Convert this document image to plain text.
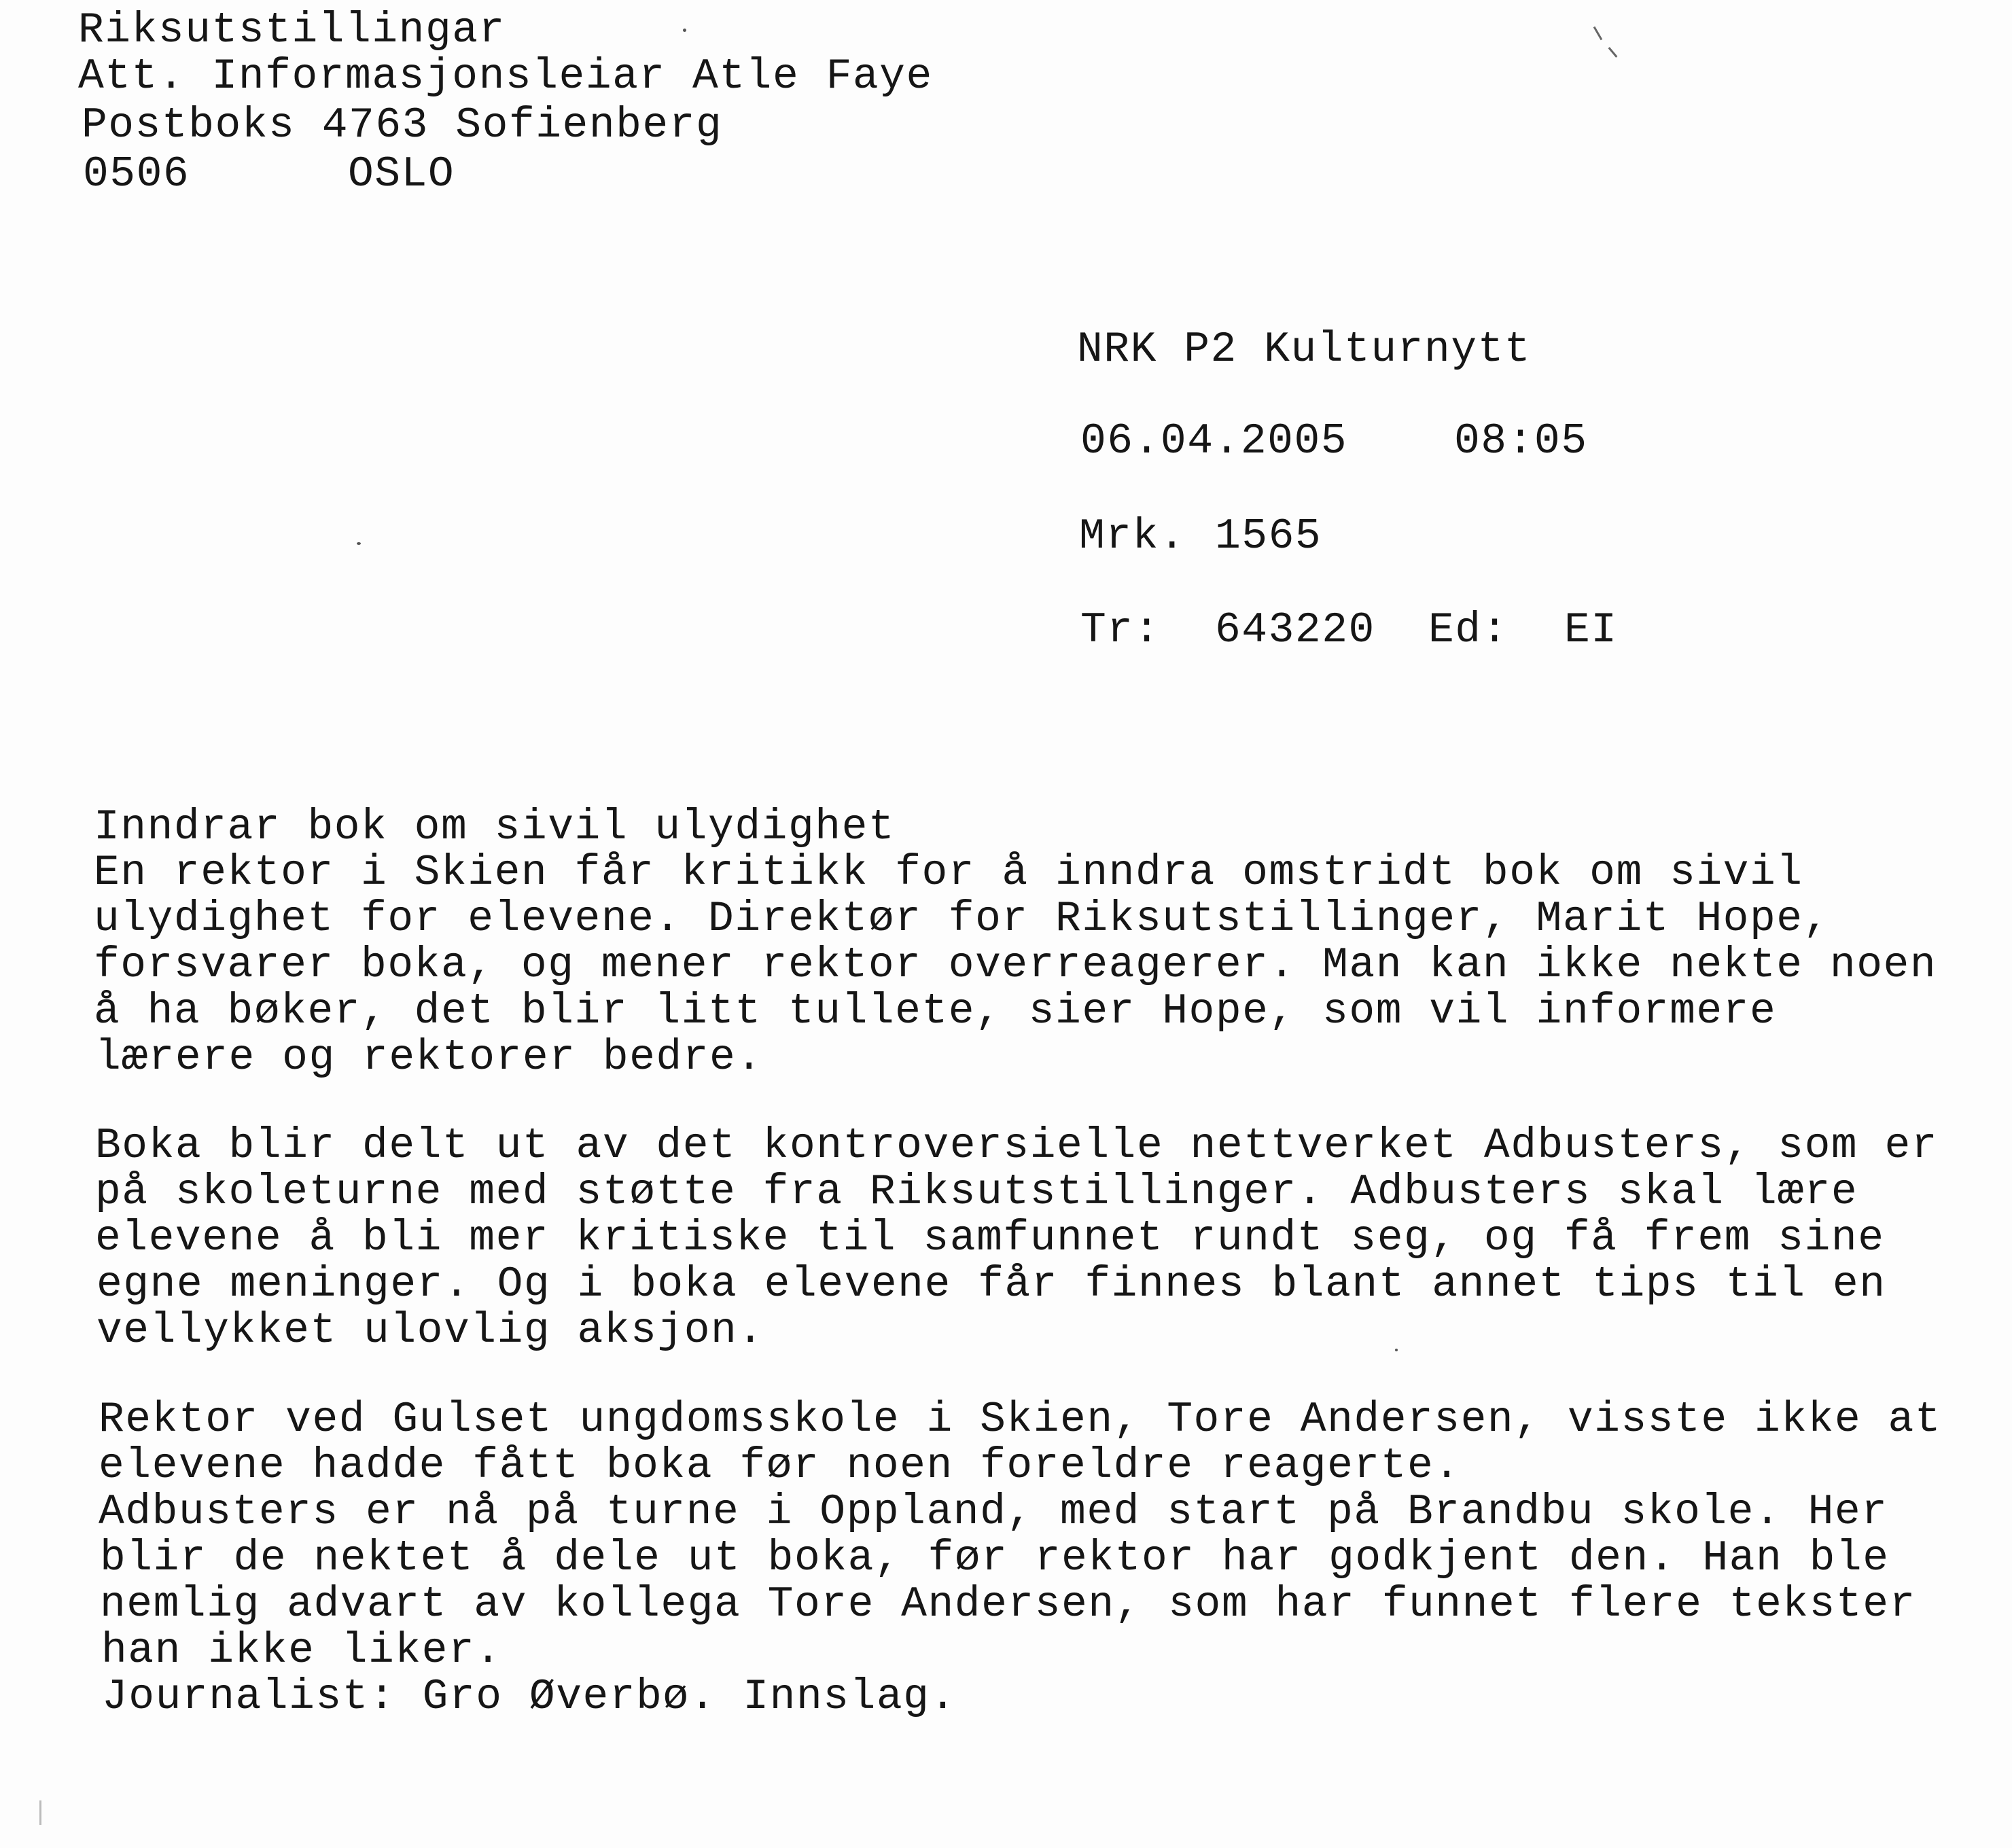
Riksutstillingar
Att. Informasjonsleiar Atle Faye
Postboks 4763 Sofienberg
0506	OSLO
NRK P2 Kulturnytt
06.04.2005 08:05
Mrk. 1565
Tr: 643220 Ed: EI
Inndrar bok om sivil ulydighet
En rektor i Skien får kritikk for å inndra omstridt bok om sivil
ulydighet for elevene. Direktør for Riksutstillinger, Marit Hope,
forsvarer boka, og mener rektor overreagerer. Man kan ikke nekte noen
å ha bøker, det blir litt tullete, sier Hope, som vil informere
lærere og rektorer bedre.
Boka blir delt ut av det kontroversielle nettverket Adbusters, som er
på skoleturne med støtte fra Riksutstillinger. Adbusters skal lære
elevene å bli mer kritiske til samfunnet rundt seg, og få frem sine
egne meninger. Og i boka elevene får finnes blant annet tips til en
vellykket ulovlig aksjon.
Rektor ved Gulset ungdomsskole i Skien, Tore Andersen, visste ikke at
elevene hadde fått boka før noen foreldre reagerte.
Adbusters er nå på turne i Oppland, med start på Brandbu skole. Her
blir de nektet å dele ut boka, før rektor har godkjent den. Han ble
nemlig advart av kollega Tore Andersen, som har funnet flere tekster
han ikke liker.
Journalist: Gro Øverbø. Innslag.
